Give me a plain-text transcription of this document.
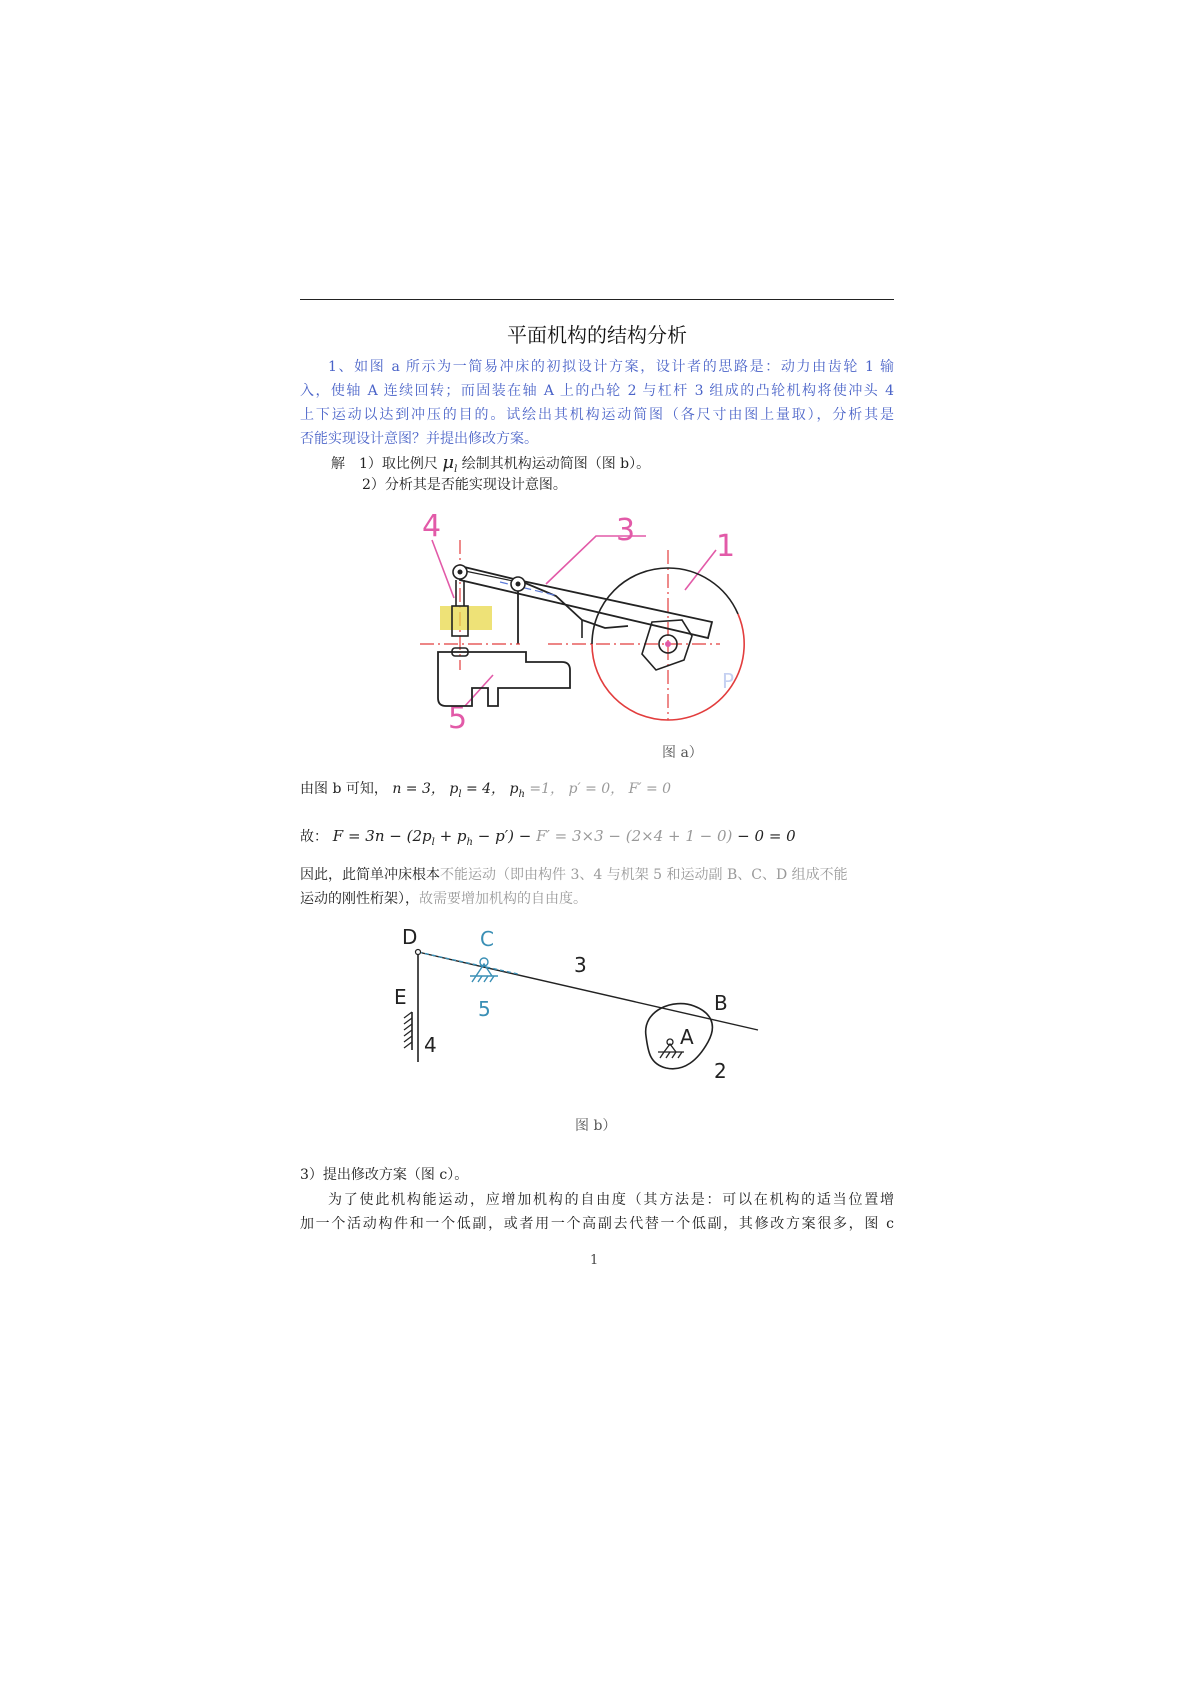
平面机构的结构分析
1、如图 a 所示为一简易冲床的初拟设计方案，设计者的思路是：动力由齿轮 1 输
入，使轴 A 连续回转；而固装在轴 A 上的凸轮 2 与杠杆 3 组成的凸轮机构将使冲头 4
上下运动以达到冲压的目的。试绘出其机构运动简图（各尺寸由图上量取），分析其是
否能实现设计意图？并提出修改方案。
解　1）取比例尺 $\mu_l$ 绘制其机构运动简图（图 b）。
2）分析其是否能实现设计意图。
4	3	1
5
P
图 a）
由图 b 可知， n = 3， $p_l = 4$， $p_h =1$， p′ = 0， F′ = 0
故： $F = 3n - (2p_l + p_h - p') - F' = 3\times 3 - (2\times 4 + 1 - 0) - 0 = 0$
因此，此简单冲床根本不能运动（即由构件 3、4 与机架 5 和运动副 B、C、D 组成不能
运动的刚性桁架），故需要增加机构的自由度。
D	C
E	5
4
3
B
A
2
图 b）
3）提出修改方案（图 c）。
为了使此机构能运动，应增加机构的自由度（其方法是：可以在机构的适当位置增
加一个活动构件和一个低副，或者用一个高副去代替一个低副，其修改方案很多，图 c
1
